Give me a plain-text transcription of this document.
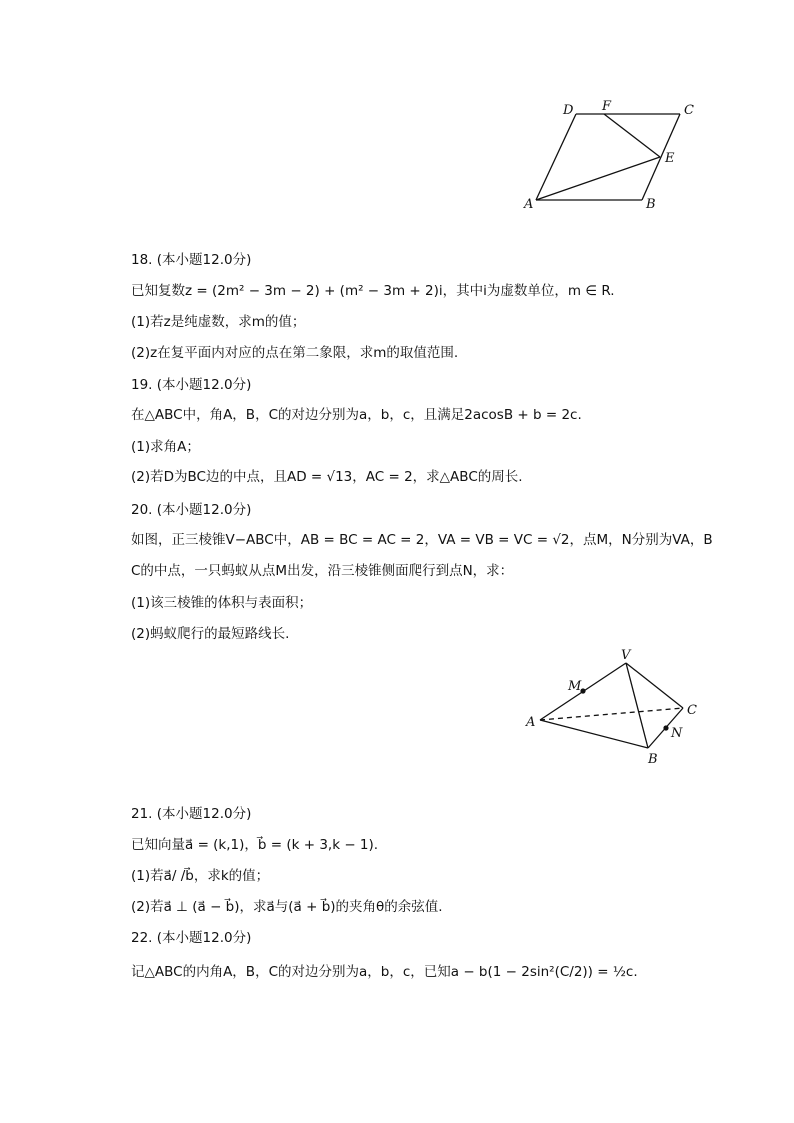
D F	C
E
A	B
18. (本小题12.0分)
已知复数z = (2m² − 3m − 2) + (m² − 3m + 2)i，其中i为虚数单位，m ∈ R.
(1)若z是纯虚数，求m的值；
(2)z在复平面内对应的点在第二象限，求m的取值范围.
19. (本小题12.0分)
在△ABC中，角A，B，C的对边分别为a，b，c，且满足2acosB + b = 2c.
(1)求角A；
(2)若D为BC边的中点，且AD = √13，AC = 2，求△ABC的周长.
20. (本小题12.0分)
如图，正三棱锥V−ABC中，AB = BC = AC = 2，VA = VB = VC = √2，点M，N分别为VA，B
C的中点，一只蚂蚁从点M出发，沿三棱锥侧面爬行到点N，求：
(1)该三棱锥的体积与表面积；
(2)蚂蚁爬行的最短路线长.
V
M
A
C
N
B
21. (本小题12.0分)
已知向量a⃗ = (k,1)，b⃗ = (k + 3,k − 1).
(1)若a⃗/ /b⃗，求k的值；
(2)若a⃗ ⊥ (a⃗ − b⃗)，求a⃗与(a⃗ + b⃗)的夹角θ的余弦值.
22. (本小题12.0分)
记△ABC的内角A，B，C的对边分别为a，b，c，已知a − b(1 − 2sin²(C/2)) = ½c.
